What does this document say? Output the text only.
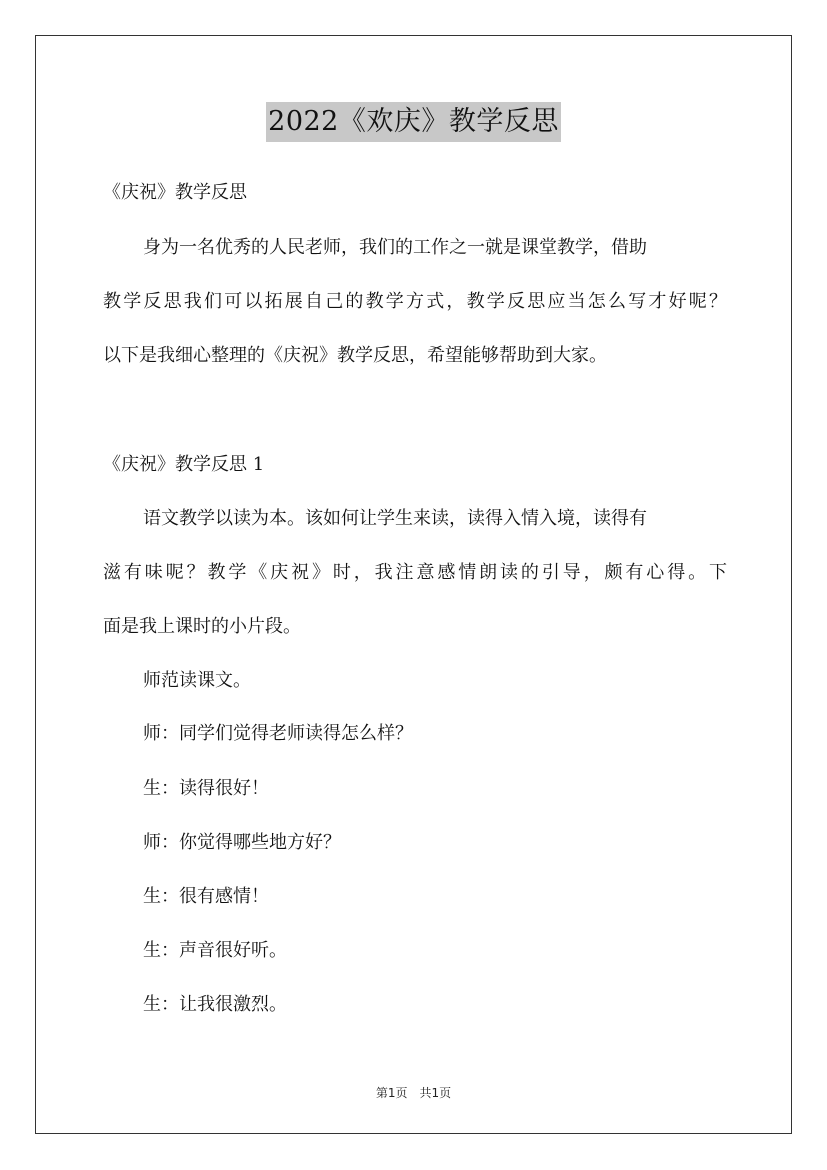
2022《欢庆》教学反思
《庆祝》教学反思
身为一名优秀的人民老师，我们的工作之一就是课堂教学，借助
教学反思我们可以拓展自己的教学方式，教学反思应当怎么写才好呢？
以下是我细心整理的《庆祝》教学反思，希望能够帮助到大家。
《庆祝》教学反思 1
语文教学以读为本。该如何让学生来读，读得入情入境，读得有
滋有味呢？教学《庆祝》时，我注意感情朗读的引导，颇有心得。下
面是我上课时的小片段。
师范读课文。
师：同学们觉得老师读得怎么样？
生：读得很好！
师：你觉得哪些地方好？
生：很有感情！
生：声音很好听。
生：让我很激烈。
第1页　共1页
